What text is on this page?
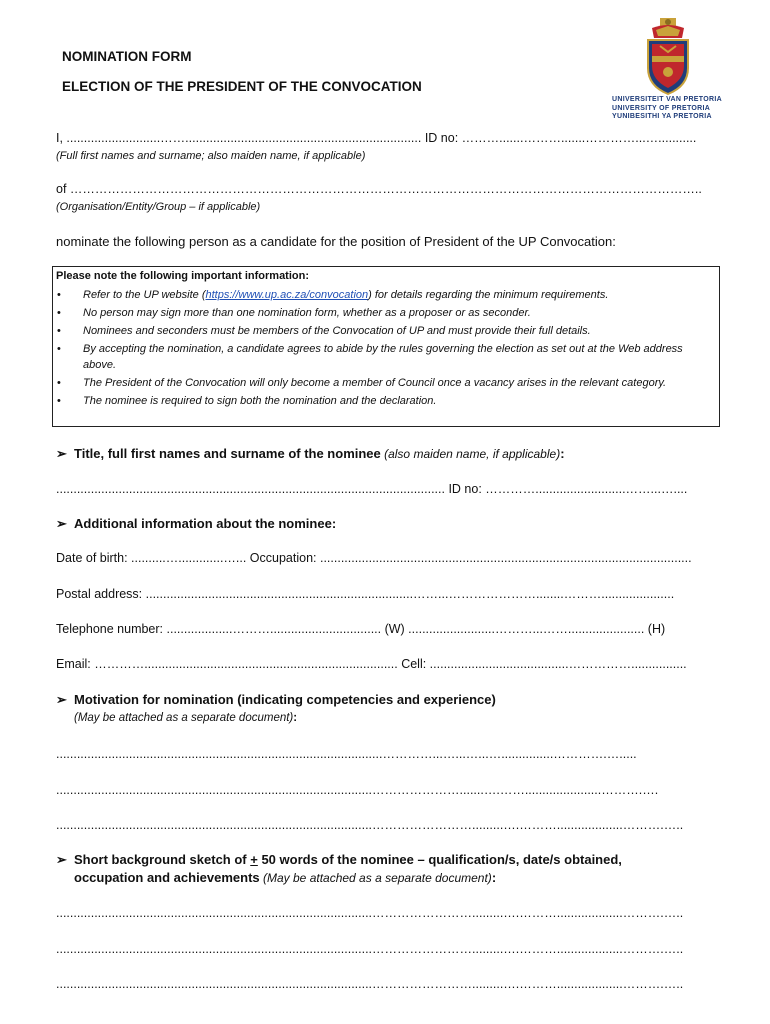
NOMINATION FORM
ELECTION OF THE PRESIDENT OF THE CONVOCATION
UNIVERSITEIT VAN PRETORIA
UNIVERSITY OF PRETORIA
YUNIBESITHI YA PRETORIA
I, ...........................…….................................................................... ID no: ……….......……….......…………...…...........
(Full first names and surname; also maiden name, if applicable)
of ……………………………………………………………………………………………………………………………………..
(Organisation/Entity/Group – if applicable)
nominate the following person as a candidate for the position of President of the UP Convocation:
Please note the following important information:
• Refer to the UP website (https://www.up.ac.za/convocation) for details regarding the minimum requirements.
• No person may sign more than one nomination form, whether as a proposer or as seconder.
• Nominees and seconders must be members of the Convocation of UP and must provide their full details.
• By accepting the nomination, a candidate agrees to abide by the rules governing the election as set out at the Web address above.
• The President of the Convocation will only become a member of Council once a vacancy arises in the relevant category.
• The nominee is required to sign both the nomination and the declaration.
➢ Title, full first names and surname of the nominee (also maiden name, if applicable):
................................................................................................................ ID no: …………..........................……...…....
➢ Additional information about the nominee:
Date of birth: ..........….............…... Occupation: ...........................................................................................................
Postal address: .............................................................................……...…………………........……….....................
Telephone number: ...................………................................ (W) .........................………...……...................... (H)
Email: …………......................................................................... Cell: ........................................……………................
➢ Motivation for nomination (indicating competencies and experience)
(May be attached as a separate document):
..............................................................................................…………...…...…...…...............………….….....
...........................................................................................………………….......….……......................……….….
...........................................................................................…………………….........….………...................……….…..
➢ Short background sketch of + 50 words of the nominee – qualification/s, date/s obtained,
occupation and achievements (May be attached as a separate document):
...........................................................................................…………………….........….………...................……….…..
...........................................................................................…………………….........….………...................……….…..
...........................................................................................…………………….........….………...................……….…..
